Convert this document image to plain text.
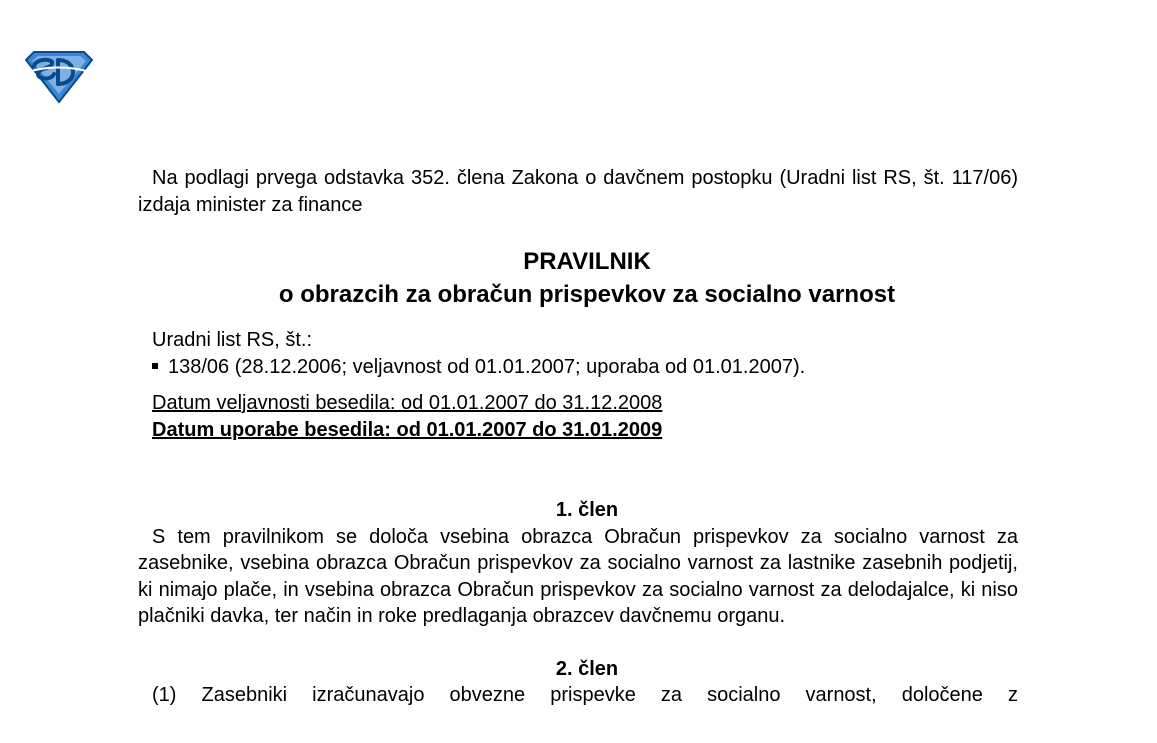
Na podlagi prvega odstavka 352. člena Zakona o davčnem postopku (Uradni list RS, št. 117/06) izdaja minister za finance

PRAVILNIK
o obrazcih za obračun prispevkov za socialno varnost
Uradni list RS, št.:
138/06 (28.12.2006; veljavnost od 01.01.2007; uporaba od 01.01.2007).
Datum veljavnosti besedila: od 01.01.2007 do 31.12.2008
Datum uporabe besedila: od 01.01.2007 do 31.01.2009
1. člen

S tem pravilnikom se določa vsebina obrazca Obračun prispevkov za socialno varnost za zasebnike, vsebina obrazca Obračun prispevkov za socialno varnost za lastnike zasebnih podjetij, ki nimajo plače, in vsebina obrazca Obračun prispevkov za socialno varnost za delodajalce, ki niso plačniki davka, ter način in roke predlaganja obrazcev davčnemu organu.

2. člen

(1) Zasebniki izračunavajo obvezne prispevke za socialno varnost, določene z
